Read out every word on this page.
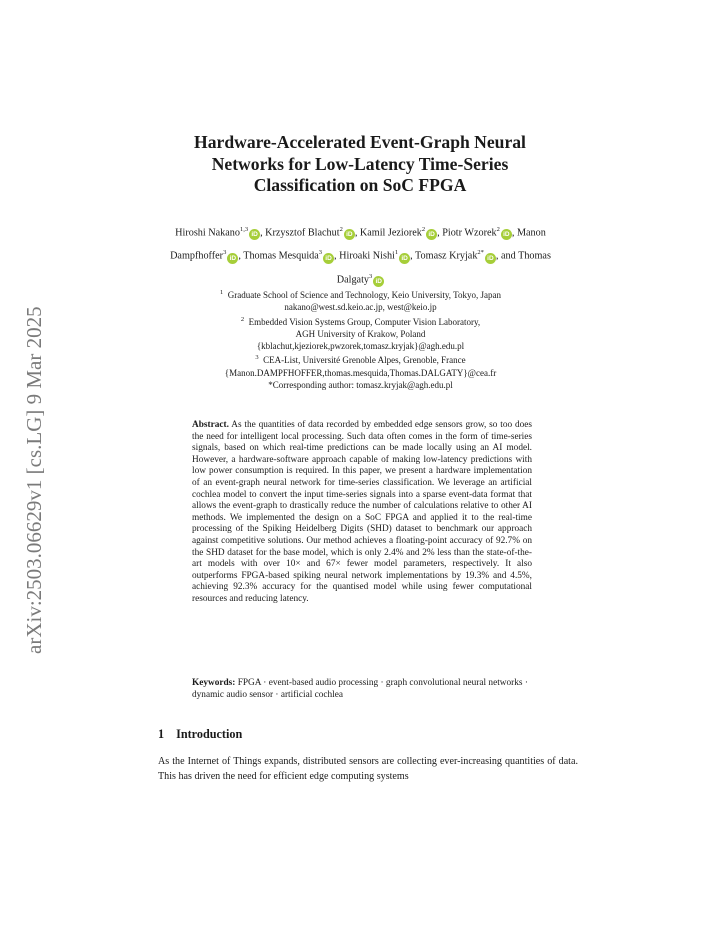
arXiv:2503.06629v1 [cs.LG] 9 Mar 2025
Hardware-Accelerated Event-Graph Neural
Networks for Low-Latency Time-Series
Classification on SoC FPGA
Hiroshi Nakano$^{1,3}$iD , Krzysztof Blachut$^2$iD , Kamil Jeziorek$^2$iD , Piotr Wzorek$^2$iD , Manon Dampfhoffer$^3$iD , Thomas Mesquida$^3$iD , Hiroaki Nishi$^1$iD , Tomasz Kryjak$^{2*}$iD , and Thomas Dalgaty$^3$iD
$^1$ Graduate School of Science and Technology, Keio University, Tokyo, Japan
nakano@west.sd.keio.ac.jp, west@keio.jp
$^2$ Embedded Vision Systems Group, Computer Vision Laboratory,
AGH University of Krakow, Poland
{kblachut,kjeziorek,pwzorek,tomasz.kryjak}@agh.edu.pl
$^3$ CEA-List, Université Grenoble Alpes, Grenoble, France
{Manon.DAMPFHOFFER,thomas.mesquida,Thomas.DALGATY}@cea.fr
*Corresponding author: tomasz.kryjak@agh.edu.pl
Abstract. As the quantities of data recorded by embedded edge sensors grow, so too does the need for intelligent local processing. Such data often comes in the form of time-series signals, based on which real-time predictions can be made locally using an AI model. However, a hardware-software approach capable of making low-latency predictions with low power consumption is required. In this paper, we present a hardware implementation of an event-graph neural network for time-series classification. We leverage an artificial cochlea model to convert the input time-series signals into a sparse event-data format that allows the event-graph to drastically reduce the number of calculations relative to other AI methods. We implemented the design on a SoC FPGA and applied it to the real-time processing of the Spiking Heidelberg Digits (SHD) dataset to benchmark our approach against competitive solutions. Our method achieves a floating-point accuracy of 92.7% on the SHD dataset for the base model, which is only 2.4% and 2% less than the state-of-the-art models with over 10× and 67× fewer model parameters, respectively. It also outperforms FPGA-based spiking neural network implementations by 19.3% and 4.5%, achieving 92.3% accuracy for the quantised model while using fewer computational resources and reducing latency.
Keywords: FPGA · event-based audio processing · graph convolutional neural networks · dynamic audio sensor · artificial cochlea
1 Introduction
As the Internet of Things expands, distributed sensors are collecting ever-increasing quantities of data. This has driven the need for efficient edge computing systems
